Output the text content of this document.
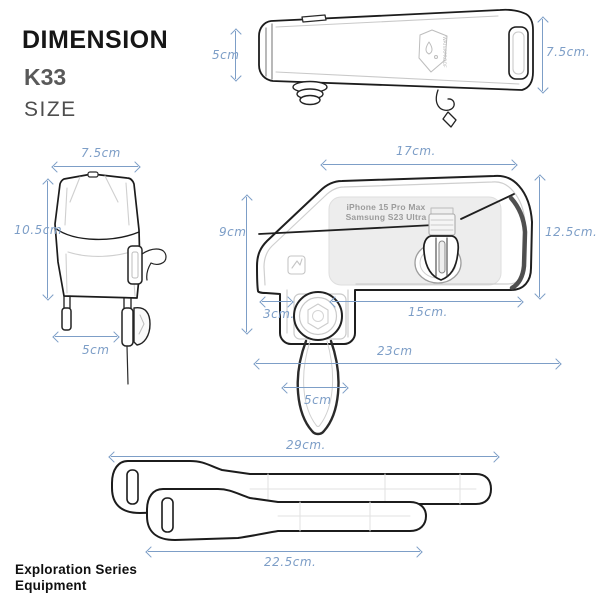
WATERPROOF
DIMENSION
K33
SIZE
iPhone 15 Pro Max
Samsung S23 Ultra
5cm	7.5cm.
7.5cm
10.5cm
5cm
17cm.
9cm	12.5cm.
3cm.	15cm.
23cm
5cm
29cm.
22.5cm.
Exploration Series
Equipment
